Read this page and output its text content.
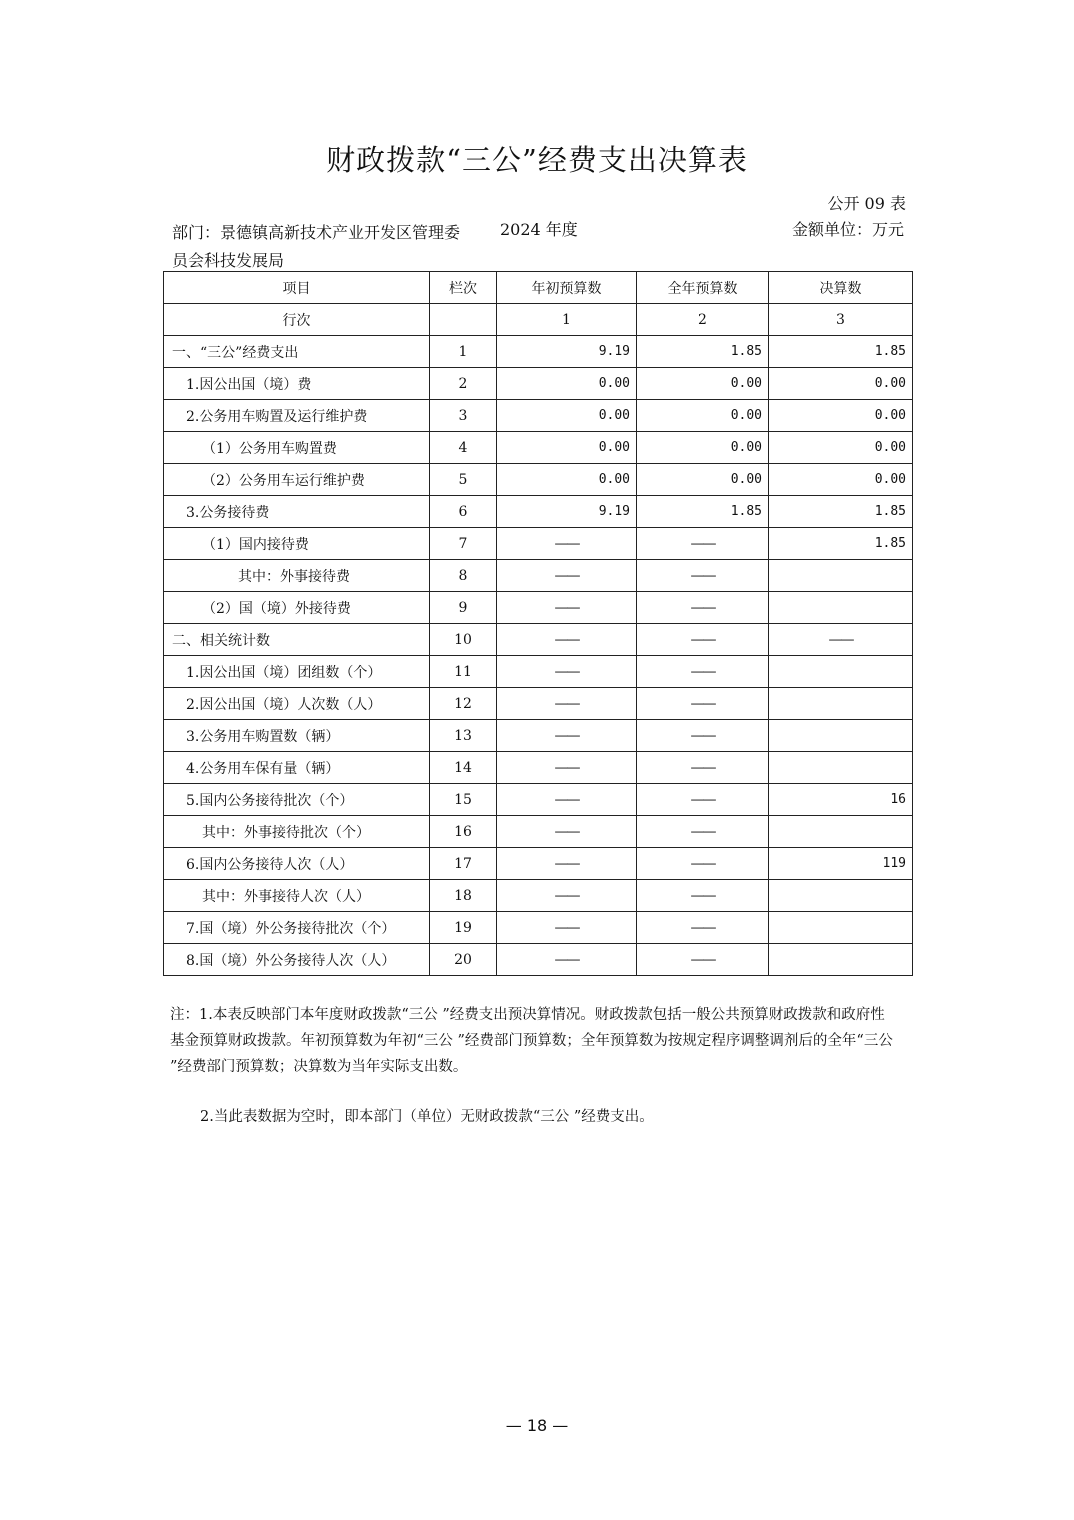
财政拨款“三公”经费支出决算表
公开 09 表
部门：景德镇高新技术产业开发区管理委员会科技发展局
2024 年度	金额单位：万元
项目	栏次	年初预算数	全年预算数	决算数
行次		1	2	3
一、“三公”经费支出	1	9.19	1.85	1.85
1.因公出国（境）费	2	0.00	0.00	0.00
2.公务用车购置及运行维护费	3	0.00	0.00	0.00
（1）公务用车购置费	4	0.00	0.00	0.00
（2）公务用车运行维护费	5	0.00	0.00	0.00
3.公务接待费	6	9.19	1.85	1.85
（1）国内接待费	7	——	——	1.85
其中：外事接待费	8	——	——	
（2）国（境）外接待费	9	——	——	
二、相关统计数	10	——	——	——
1.因公出国（境）团组数（个）	11	——	——	
2.因公出国（境）人次数（人）	12	——	——	
3.公务用车购置数（辆）	13	——	——	
4.公务用车保有量（辆）	14	——	——	
5.国内公务接待批次（个）	15	——	——	16
其中：外事接待批次（个）	16	——	——	
6.国内公务接待人次（人）	17	——	——	119
其中：外事接待人次（人）	18	——	——	
7.国（境）外公务接待批次（个）	19	——	——	
8.国（境）外公务接待人次（人）	20	——	——	
注：1.本表反映部门本年度财政拨款“三公 ”经费支出预决算情况。财政拨款包括一般公共预算财政拨款和政府性基金预算财政拨款。年初预算数为年初“三公 ”经费部门预算数；全年预算数为按规定程序调整调剂后的全年“三公 ”经费部门预算数；决算数为当年实际支出数。
2.当此表数据为空时，即本部门（单位）无财政拨款“三公 ”经费支出。
— 18 —
